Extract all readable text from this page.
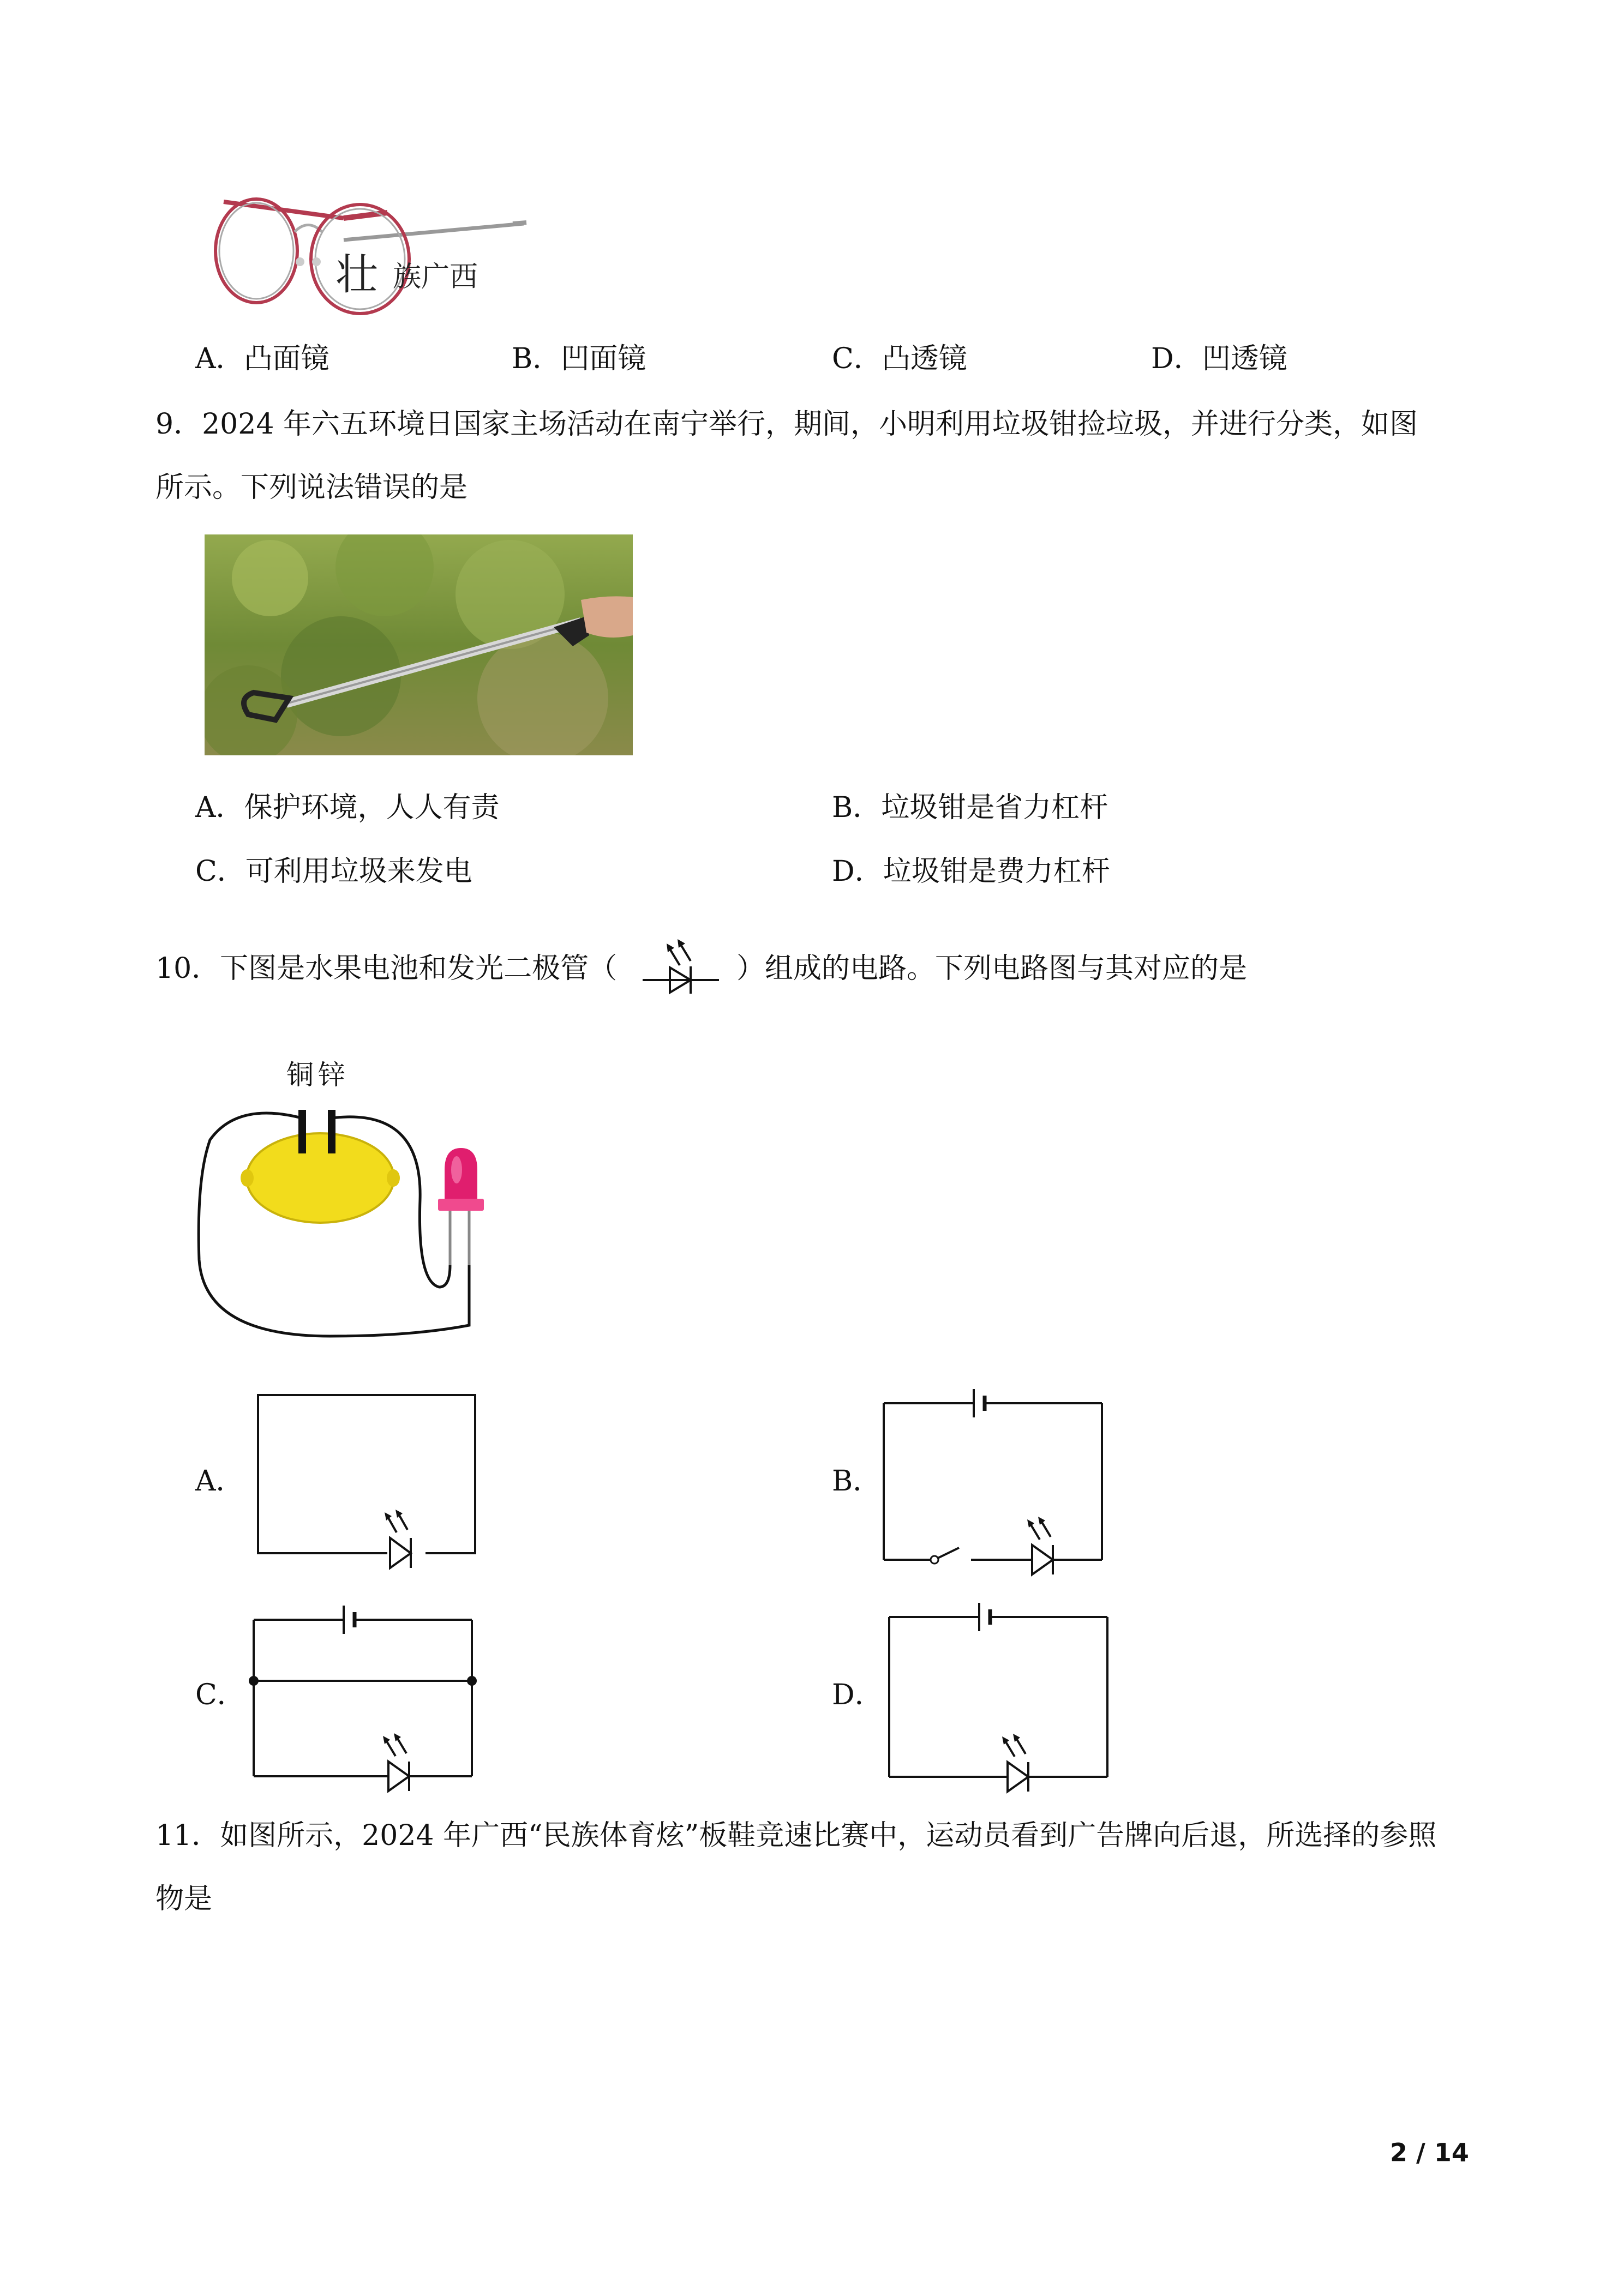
壮 族广西
A．凸面镜	B．凹面镜	C．凸透镜	D．凹透镜
9．2024 年六五环境日国家主场活动在南宁举行，期间，小明利用垃圾钳捡垃圾，并进行分类，如图
所示。下列说法错误的是
A．保护环境，人人有责	B．垃圾钳是省力杠杆
C．可利用垃圾来发电	D．垃圾钳是费力杠杆
10．下图是水果电池和发光二极管（	）组成的电路。下列电路图与其对应的是
铜 锌
A．	B．
C．	D．
11．如图所示，2024 年广西“民族体育炫”板鞋竞速比赛中，运动员看到广告牌向后退，所选择的参照
物是
2 / 14
